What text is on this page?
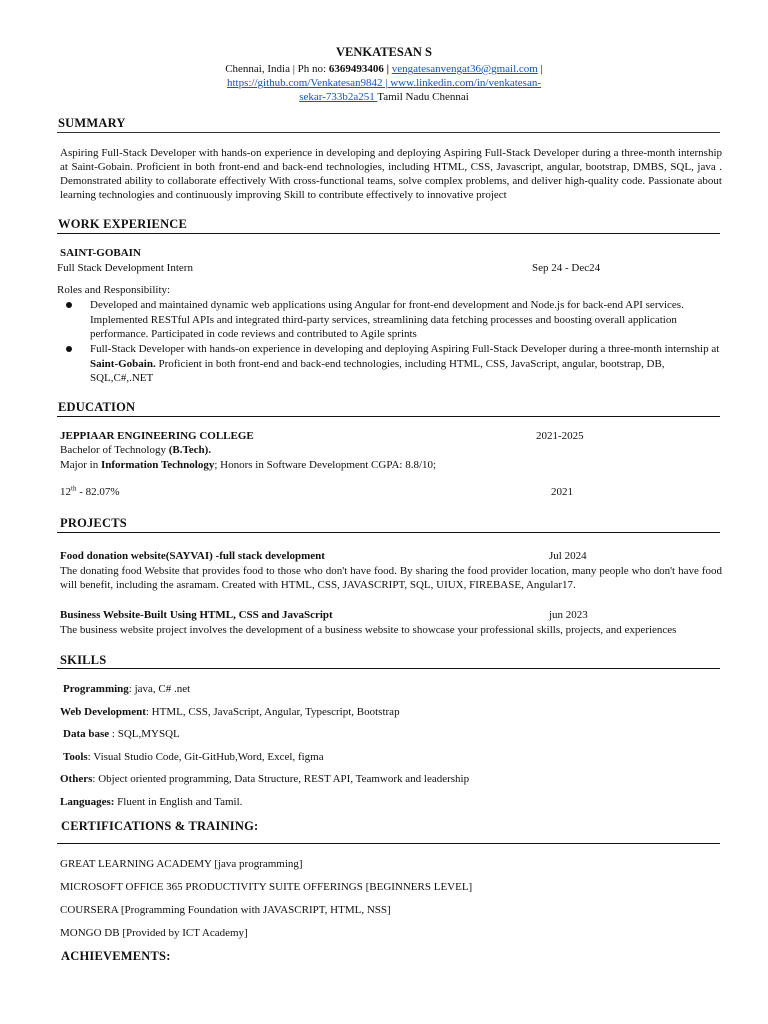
VENKATESAN S
Chennai, India | Ph no: 6369493406 | vengatesanvengat36@gmail.com |
https://github.com/Venkatesan9842 | www.linkedin.com/in/venkatesan-
sekar-733b2a251 Tamil Nadu Chennai
SUMMARY
Aspiring Full-Stack Developer with hands-on experience in developing and deploying Aspiring Full-Stack Developer during a three-month internship at Saint-Gobain. Proficient in both front-end and back-end technologies, including HTML, CSS, Javascript, angular, bootstrap, DMBS, SQL, java . Demonstrated ability to collaborate effectively With cross-functional teams, solve complex problems, and deliver high-quality code. Passionate about learning technologies and continuously improving Skill to contribute effectively to innovative project
WORK EXPERIENCE
SAINT-GOBAIN
Full Stack Development Intern	Sep 24 - Dec24
Roles and Responsibility:
Developed and maintained dynamic web applications using Angular for front-end development and Node.js for back-end API services. Implemented RESTful APIs and integrated third-party services, streamlining data fetching processes and boosting overall application performance. Participated in code reviews and contributed to Agile sprints
Full-Stack Developer with hands-on experience in developing and deploying Aspiring Full-Stack Developer during a three-month internship at Saint-Gobain. Proficient in both front-end and back-end technologies, including HTML, CSS, JavaScript, angular, bootstrap, DB, SQL,C#,.NET
EDUCATION
JEPPIAAR ENGINEERING COLLEGE	2021-2025
Bachelor of Technology (B.Tech).
Major in Information Technology; Honors in Software Development CGPA: 8.8/10;
12th - 82.07%	2021
PROJECTS
Food donation website(SAYVAI) -full stack development	Jul 2024
The donating food Website that provides food to those who don't have food. By sharing the food provider location, many people who don't have food will benefit, including the asramam. Created with HTML, CSS, JAVASCRIPT, SQL, UIUX, FIREBASE, Angular17.
Business Website-Built Using HTML, CSS and JavaScript	jun 2023
The business website project involves the development of a business website to showcase your professional skills, projects, and experiences
SKILLS
Programming: java, C# .net
Web Development: HTML, CSS, JavaScript, Angular, Typescript, Bootstrap
Data base : SQL,MYSQL
Tools: Visual Studio Code, Git-GitHub,Word, Excel, figma
Others: Object oriented programming, Data Structure, REST API, Teamwork and leadership
Languages: Fluent in English and Tamil.
CERTIFICATIONS & TRAINING:
GREAT LEARNING ACADEMY [java programming]
MICROSOFT OFFICE 365 PRODUCTIVITY SUITE OFFERINGS [BEGINNERS LEVEL]
COURSERA [Programming Foundation with JAVASCRIPT, HTML, NSS]
MONGO DB [Provided by ICT Academy]
ACHIEVEMENTS:
